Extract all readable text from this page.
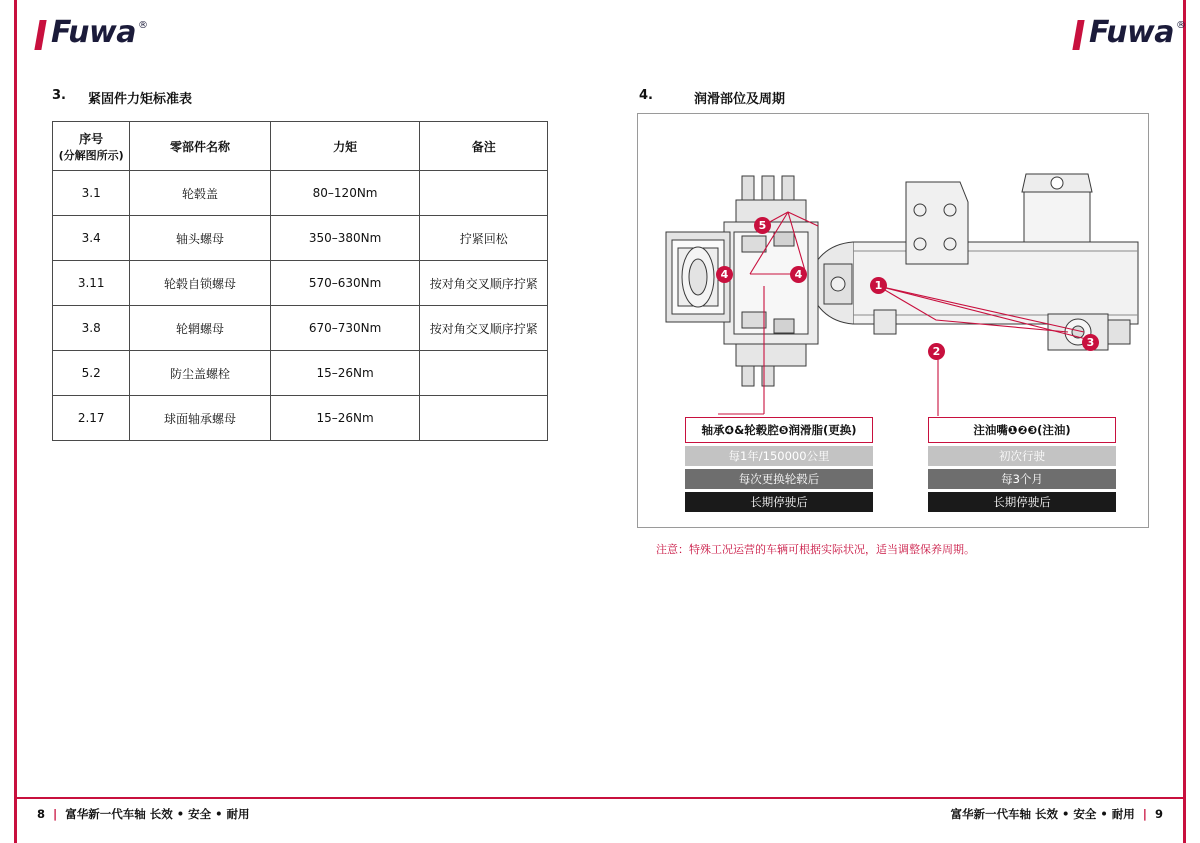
Fuwa ®	Fuwa ®
3. 紧固件力矩标准表	4.	润滑部位及周期
序号
(分解图所示)	零部件名称	力矩	备注
3.1	轮毂盖	80–120Nm	
3.4	轴头螺母	350–380Nm	拧紧回松
3.11	轮毂自锁螺母	570–630Nm	按对角交叉顺序拧紧
3.8	轮辋螺母	670–730Nm	按对角交叉顺序拧紧
5.2	防尘盖螺栓	15–26Nm	
2.17	球面轴承螺母	15–26Nm	
1
2
3
4	4
5
轴承❹&轮毂腔❺润滑脂(更换)
每1年/150000公里
每次更换轮毂后
长期停驶后
注油嘴❶❷❸(注油)
初次行驶
每3个月
长期停驶后
注意：特殊工况运营的车辆可根据实际状况，适当调整保养周期。
8 | 富华新一代车轴 长效 • 安全 • 耐用	富华新一代车轴 长效 • 安全 • 耐用 | 9
